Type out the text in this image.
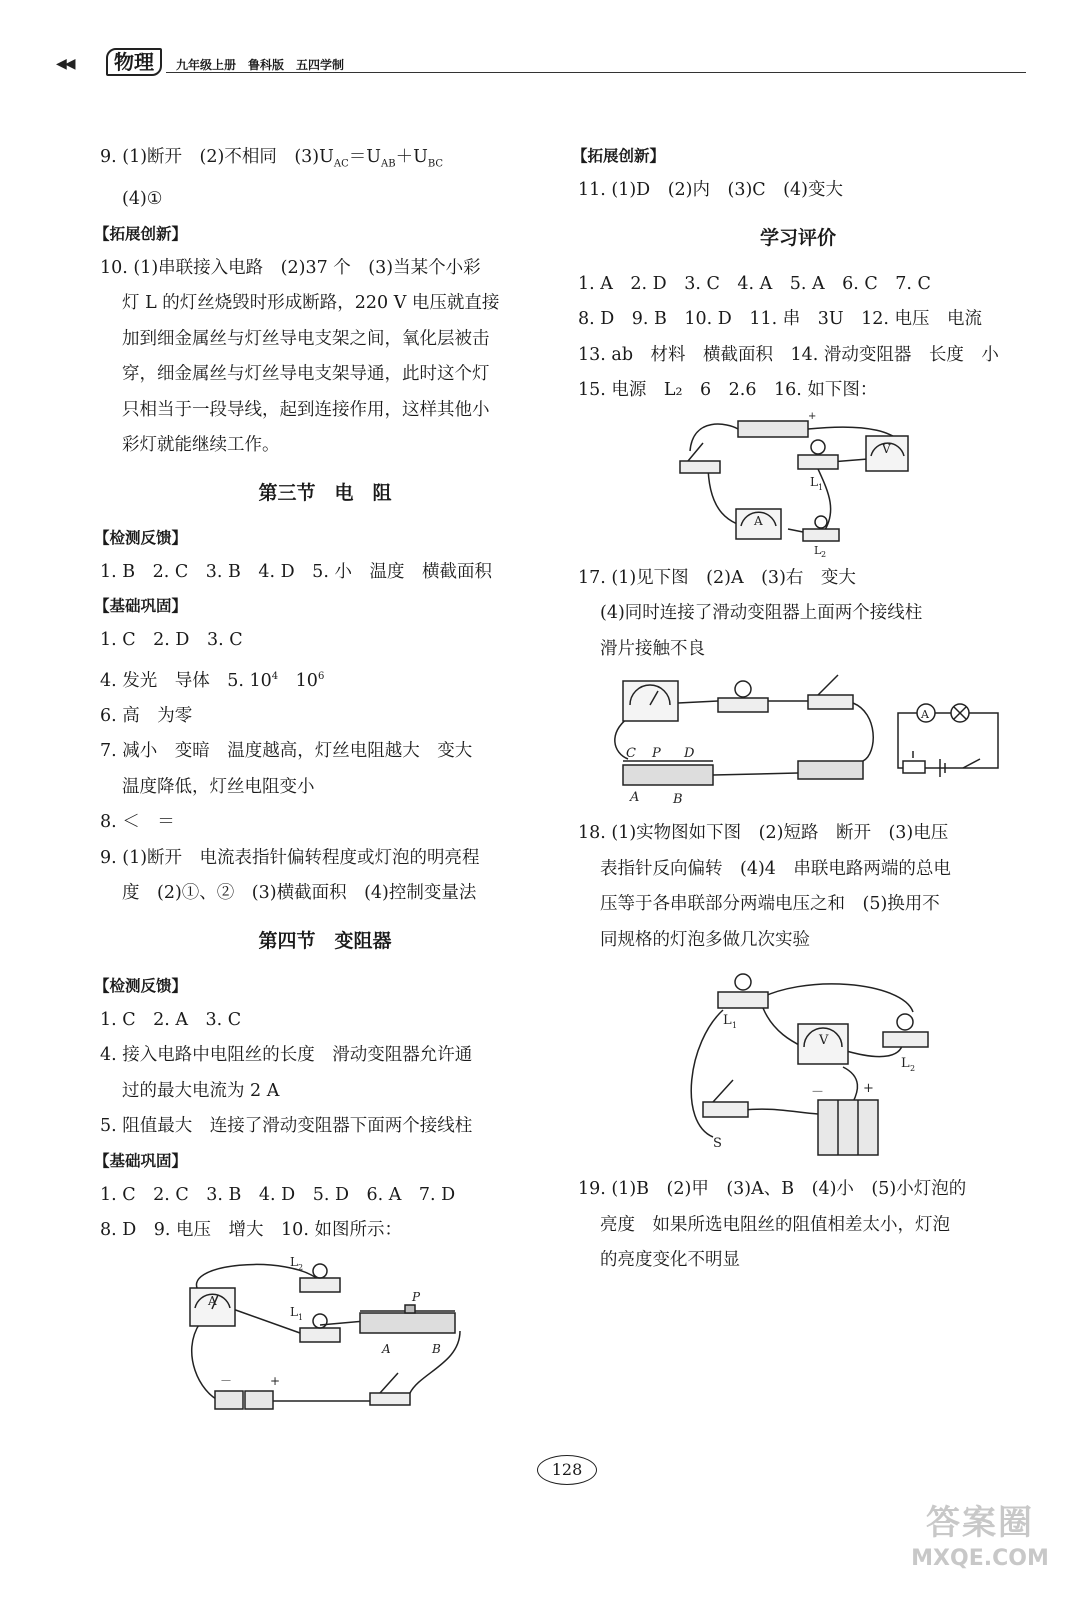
◀◀	物理	九年级上册　鲁科版　五四学制
9. (1)断开　(2)不相同　$(3)U_{AC}=U_{AB}+U_{BC}$
(4)①
【拓展创新】
10. (1)串联接入电路　(2)37 个　(3)当某个小彩
灯 L 的灯丝烧毁时形成断路，220 V 电压就直接
加到细金属丝与灯丝导电支架之间，氧化层被击
穿，细金属丝与灯丝导电支架导通，此时这个灯
只相当于一段导线，起到连接作用，这样其他小
彩灯就能继续工作。
第三节　电　阻
【检测反馈】
1. B　2. C　3. B　4. D　5. 小　温度　横截面积
【基础巩固】
1. C　2. D　3. C
4. 发光　导体　5. $10^4$　$10^6$
6. 高　为零
7. 减小　变暗　温度越高，灯丝电阻越大　变大
温度降低，灯丝电阻变小
8. ＜　＝
9. (1)断开　电流表指针偏转程度或灯泡的明亮程
度　(2)①、②　(3)横截面积　(4)控制变量法
第四节　变阻器
【检测反馈】
1. C　2. A　3. C
4. 接入电路中电阻丝的长度　滑动变阻器允许通
过的最大电流为 2 A
5. 阻值最大　连接了滑动变阻器下面两个接线柱
【基础巩固】
1. C　2. C　3. B　4. D　5. D　6. A　7. D
8. D　9. 电压　增大　10. 如图所示：
A
L 2
L 1
P
A	B
－	+
【拓展创新】
11. (1)D　(2)内　(3)C　(4)变大
学习评价
1. A　2. D　3. C　4. A　5. A　6. C　7. C
8. D　9. B　10. D　11. 串　3U　12. 电压　电流
13. ab　材料　横截面积　14. 滑动变阻器　长度　小
15. 电源　L₂　6　2.6　16. 如下图：
+
L 1
V
A
L 2
17. (1)见下图　(2)A　(3)右　变大
(4)同时连接了滑动变阻器上面两个接线柱
滑片接触不良
C P D
A	B
A
18. (1)实物图如下图　(2)短路　断开　(3)电压
表指针反向偏转　(4)4　串联电路两端的总电
压等于各串联部分两端电压之和　(5)换用不
同规格的灯泡多做几次实验
L 1
V
L 2
S
－	+
19. (1)B　(2)甲　(3)A、B　(4)小　(5)小灯泡的
亮度　如果所选电阻丝的阻值相差太小，灯泡
的亮度变化不明显
128
答案圈
MXQE.COM
